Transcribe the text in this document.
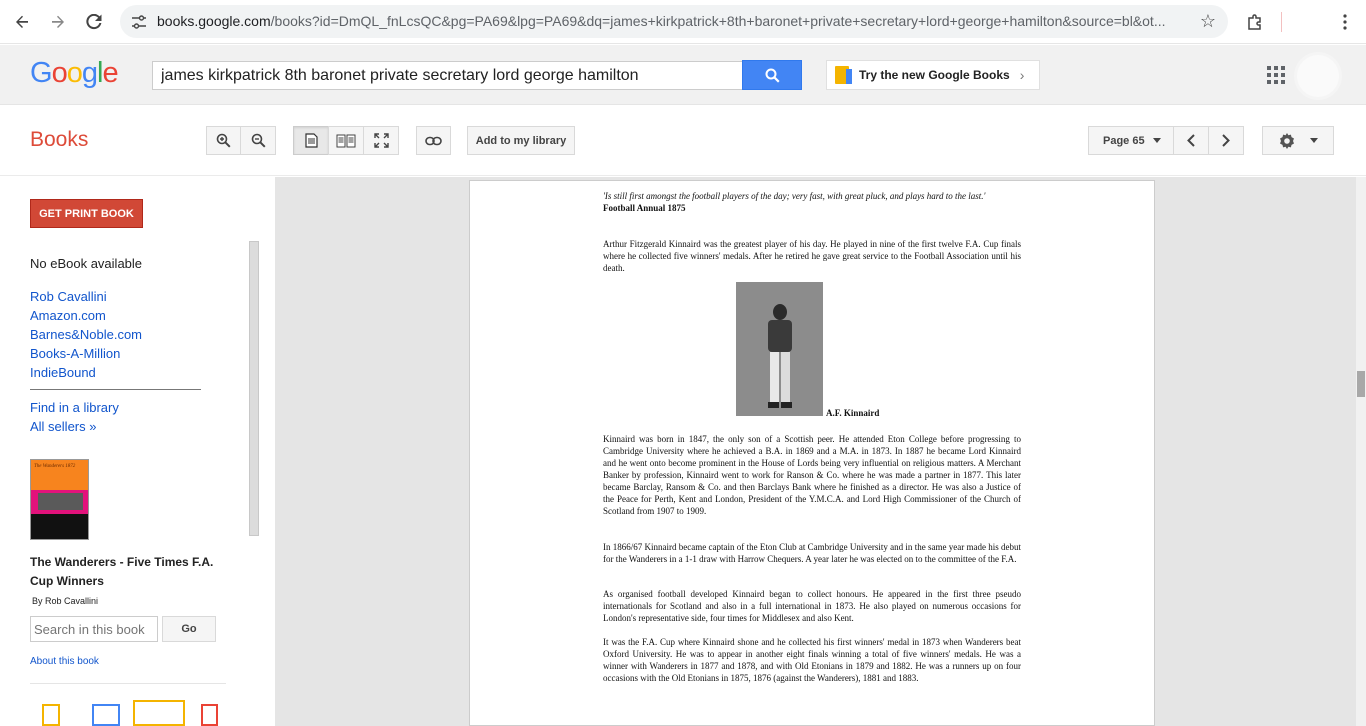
books.google.com/books?id=DmQL_fnLcsQC&pg=PA69&lpg=PA69&dq=james+kirkpatrick+8th+baronet+private+secretary+lord+george+hamilton&source=bl&ot...	☆
Google
james kirkpatrick 8th baronet private secretary lord george hamilton	Try the new Google Books ›
Books	Add to my library	Page 65
GET PRINT BOOK
No eBook available
Rob Cavallini
Amazon.com
Barnes&Noble.com
Books-A-Million
IndieBound
Find in a library
All sellers »
The Wanderers 1872
The Wanderers - Five Times F.A. Cup Winners
By Rob Cavallini
Search in this book
Go
About this book
'Is still first amongst the football players of the day; very fast, with great pluck, and plays hard to the last.'
Football Annual 1875
Arthur Fitzgerald Kinnaird was the greatest player of his day. He played in nine of the first twelve F.A. Cup finals where he collected five winners' medals. After he retired he gave great service to the Football Association until his death.
A.F. Kinnaird
Kinnaird was born in 1847, the only son of a Scottish peer. He attended Eton College before progressing to Cambridge University where he achieved a B.A. in 1869 and a M.A. in 1873. In 1887 he became Lord Kinnaird and he went onto become prominent in the House of Lords being very influential on religious matters. A Merchant Banker by profession, Kinnaird went to work for Ranson & Co. where he was made a partner in 1877. This later became Barclay, Ransom & Co. and then Barclays Bank where he finished as a director. He was also a Justice of the Peace for Perth, Kent and London, President of the Y.M.C.A. and Lord High Commissioner of the Church of Scotland from 1907 to 1909.
In 1866/67 Kinnaird became captain of the Eton Club at Cambridge University and in the same year made his debut for the Wanderers in a 1-1 draw with Harrow Chequers. A year later he was elected on to the committee of the F.A.
As organised football developed Kinnaird began to collect honours. He appeared in the first three pseudo internationals for Scotland and also in a full international in 1873. He also played on numerous occasions for London's representative side, four times for Middlesex and also Kent.
It was the F.A. Cup where Kinnaird shone and he collected his first winners' medal in 1873 when Wanderers beat Oxford University. He was to appear in another eight finals winning a total of five winners' medals. He was a winner with Wanderers in 1877 and 1878, and with Old Etonians in 1879 and 1882. He was a runners up on four occasions with the Old Etonians in 1875, 1876 (against the Wanderers), 1881 and 1883.
